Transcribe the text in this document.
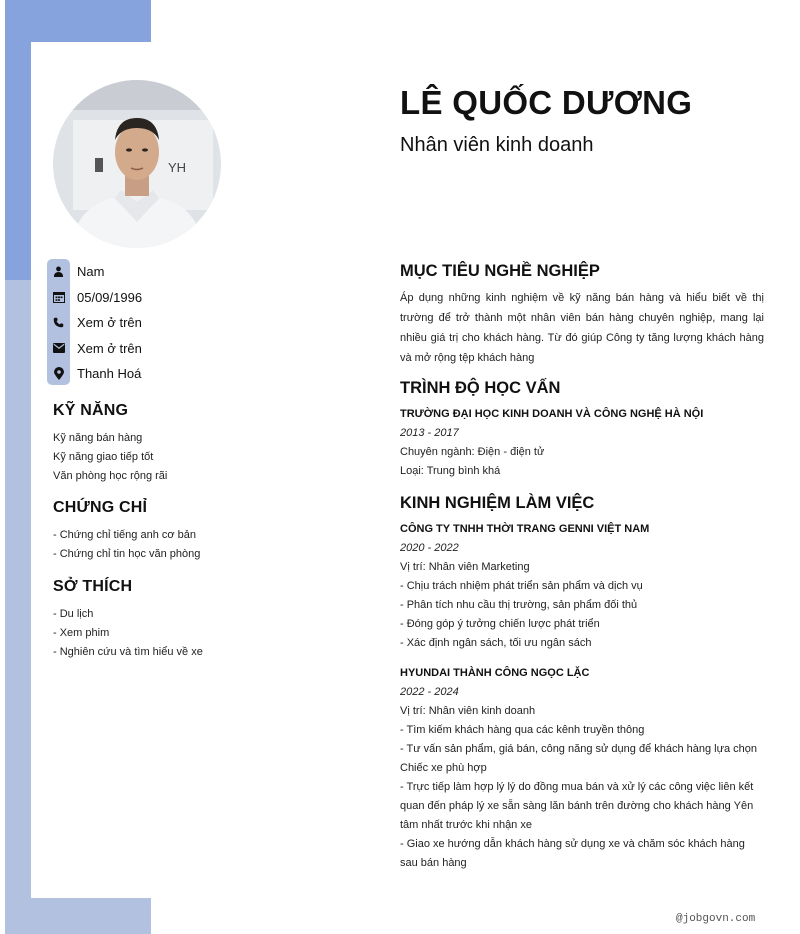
YH
Nam
05/09/1996
Xem ở trên
Xem ở trên
Thanh Hoá
KỸ NĂNG
Kỹ năng bán hàng
Kỹ năng giao tiếp tốt
Văn phòng học rộng rãi
CHỨNG CHỈ
- Chứng chỉ tiếng anh cơ bản
- Chứng chỉ tin học văn phòng
SỞ THÍCH
- Du lịch
- Xem phim
- Nghiên cứu và tìm hiểu về xe
LÊ QUỐC DƯƠNG
Nhân viên kinh doanh
MỤC TIÊU NGHỀ NGHIỆP
Áp dụng những kinh nghiệm về kỹ năng bán hàng và hiểu biết về thị trường để trở thành một nhân viên bán hàng chuyên nghiệp, mang lại nhiều giá trị cho khách hàng. Từ đó giúp Công ty tăng lượng khách hàng và mở rộng tệp khách hàng
TRÌNH ĐỘ HỌC VẤN
TRƯỜNG ĐẠI HỌC KINH DOANH VÀ CÔNG NGHỆ HÀ NỘI
2013 - 2017
Chuyên ngành: Điện - điện tử
Loại: Trung bình khá
KINH NGHIỆM LÀM VIỆC
CÔNG TY TNHH THỜI TRANG GENNI VIỆT NAM
2020 - 2022
Vị trí: Nhân viên Marketing
- Chịu trách nhiệm phát triển sản phẩm và dịch vụ
- Phân tích nhu cầu thị trường, sản phẩm đối thủ
- Đóng góp ý tưởng chiến lược phát triển
- Xác định ngân sách, tối ưu ngân sách
HYUNDAI THÀNH CÔNG NGỌC LẶC
2022 - 2024
Vị trí: Nhân viên kinh doanh
- Tìm kiếm khách hàng qua các kênh truyền thông
- Tư vấn sản phẩm, giá bán, công năng sử dụng để khách hàng lựa chọn Chiếc xe phù hợp
- Trực tiếp làm hợp lý lý do đồng mua bán và xử lý các công việc liên kết quan đến pháp lý xe sẵn sàng lăn bánh trên đường cho khách hàng Yên tâm nhất trước khi nhận xe
- Giao xe hướng dẫn khách hàng sử dụng xe và chăm sóc khách hàng sau bán hàng
@jobgovn.com
